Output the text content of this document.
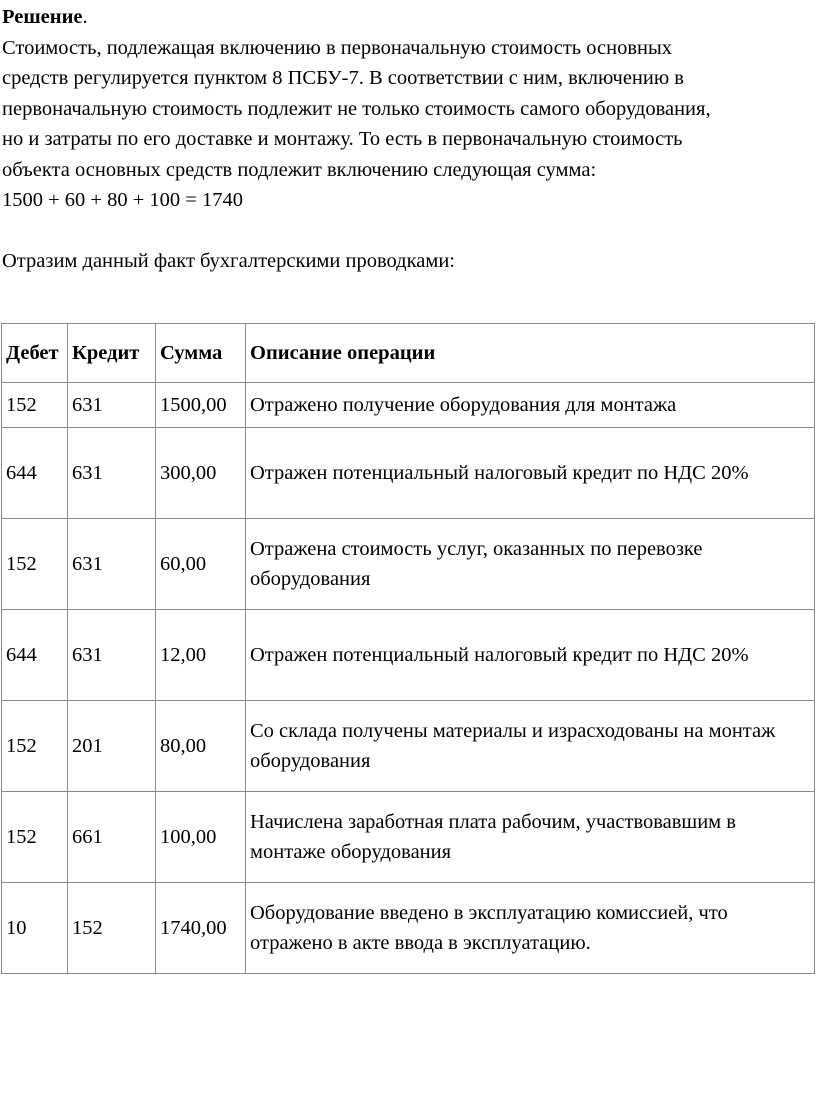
Решение.
Стоимость, подлежащая включению в первоначальную стоимость основных
средств регулируется пунктом 8 ПСБУ-7. В соответствии с ним, включению в
первоначальную стоимость подлежит не только стоимость самого оборудования,
но и затраты по его доставке и монтажу. То есть в первоначальную стоимость
объекта основных средств подлежит включению следующая сумма:
1500 + 60 + 80 + 100 = 1740
Отразим данный факт бухгалтерскими проводками:
Дебет	Кредит	Сумма	Описание операции
152	631	1500,00	Отражено получение оборудования для монтажа
644	631	300,00	Отражен потенциальный налоговый кредит по НДС 20%
152	631	60,00	Отражена стоимость услуг, оказанных по перевозке оборудования
644	631	12,00	Отражен потенциальный налоговый кредит по НДС 20%
152	201	80,00	Со склада получены материалы и израсходованы на монтаж оборудования
152	661	100,00	Начислена заработная плата рабочим, участвовавшим в монтаже оборудования
10	152	1740,00	Оборудование введено в эксплуатацию комиссией, что отражено в акте ввода в эксплуатацию.
